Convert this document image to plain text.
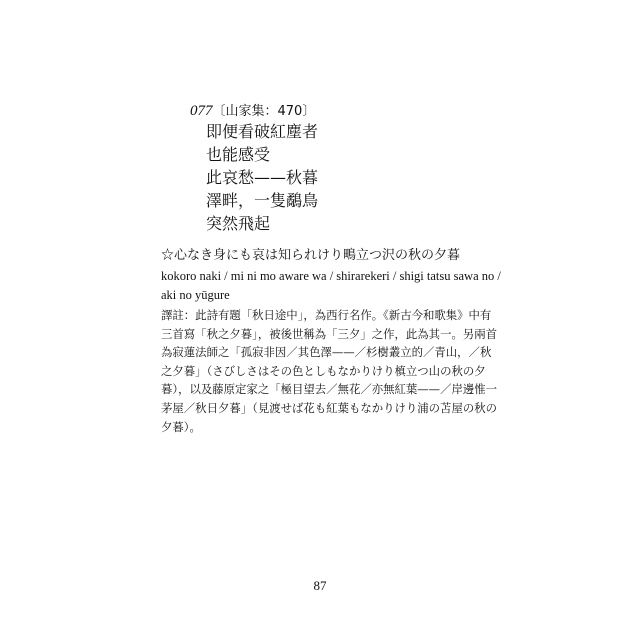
077〔山家集：470〕
即便看破紅塵者
也能感受
此哀愁——秋暮
澤畔，一隻鷸鳥
突然飛起
☆心なき身にも哀は知られけり鴫立つ沢の秋の夕暮
kokoro naki / mi ni mo aware wa / shirarekeri / shigi tatsu sawa no /
aki no yūgure
譯註：此詩有題「秋日途中」，為西行名作。《新古今和歌集》中有
三首寫「秋之夕暮」，被後世稱為「三夕」之作，此為其一。另兩首
為寂蓮法師之「孤寂非因／其色澤——／杉樹叢立的／青山，／秋
之夕暮」（さびしさはその色としもなかりけり槙立つ山の秋の夕
暮），以及藤原定家之「極目望去／無花／亦無紅葉——／岸邊惟一
茅屋／秋日夕暮」（見渡せば花も紅葉もなかりけり浦の苫屋の秋の
夕暮）。
87
